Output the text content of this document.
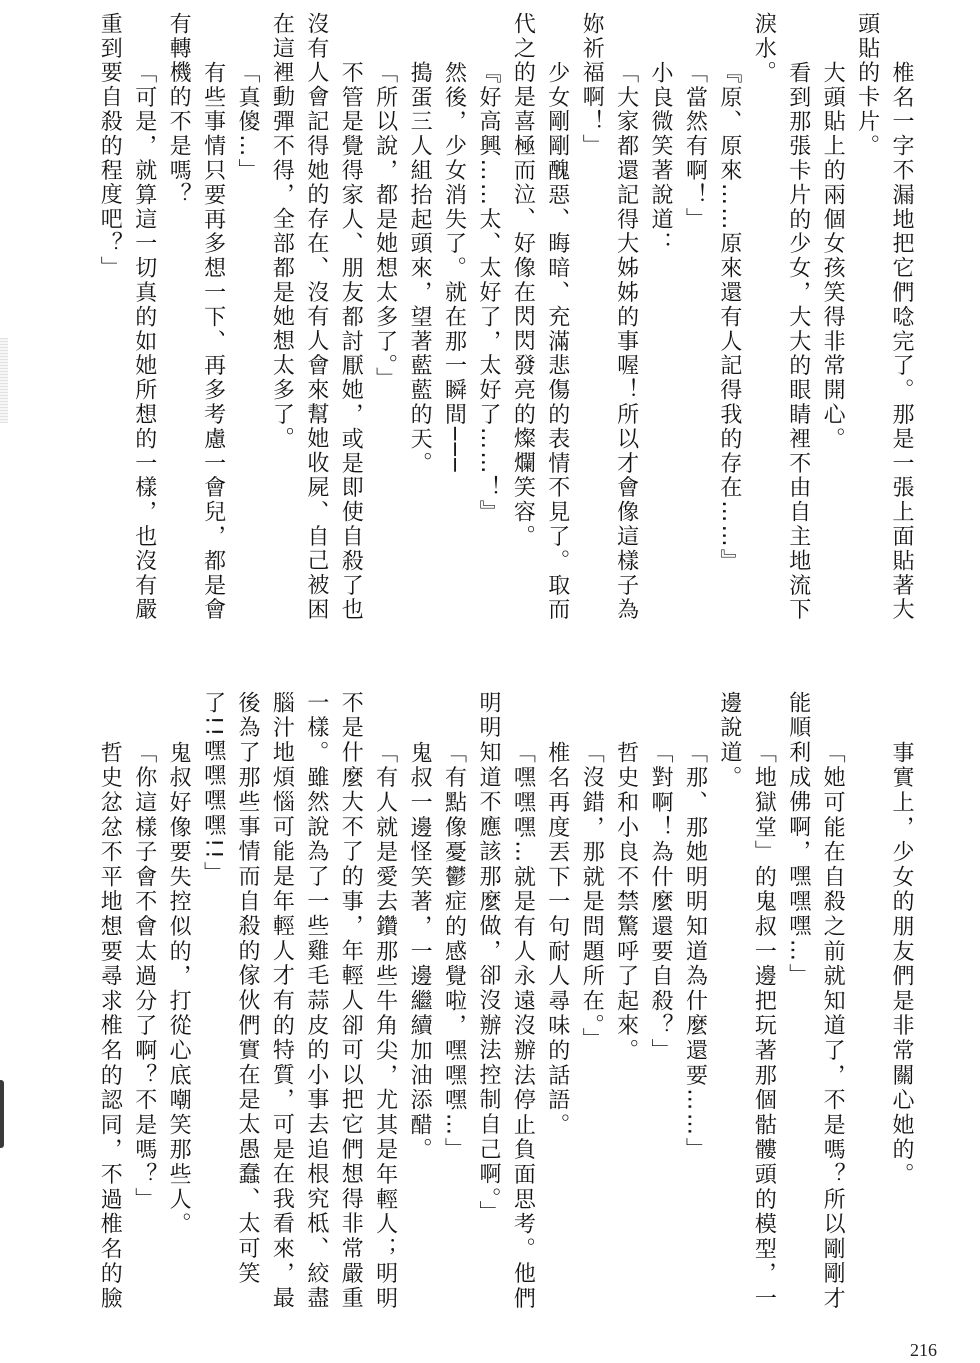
椎名一字不漏地把它們唸完了。那是一張上面貼著大
頭貼的卡片。
大頭貼上的兩個女孩笑得非常開心。
看到那張卡片的少女，大大的眼睛裡不由自主地流下
淚水。
『原、原來……原來還有人記得我的存在……』
「當然有啊！」
小良微笑著說道：
「大家都還記得大姊姊的事喔！所以才會像這樣子為
妳祈福啊！」
少女剛剛醜惡、晦暗、充滿悲傷的表情不見了。取而
代之的是喜極而泣、好像在閃閃發亮的燦爛笑容。
『好高興……太、太好了，太好了……！』
然後，少女消失了。就在那一瞬間───
搗蛋三人組抬起頭來，望著藍藍的天。
「所以說，都是她想太多了。」
不管是覺得家人、朋友都討厭她，或是即使自殺了也
沒有人會記得她的存在、沒有人會來幫她收屍、自己被困
在這裡動彈不得，全部都是她想太多了。
「真傻…」
有些事情只要再多想一下、再多考慮一會兒，都是會
有轉機的不是嗎？
「可是，就算這一切真的如她所想的一樣，也沒有嚴
重到要自殺的程度吧？」
事實上，少女的朋友們是非常關心她的。
「她可能在自殺之前就知道了，不是嗎？所以剛剛才
能順利成佛啊，嘿嘿嘿…」
「地獄堂」的鬼叔一邊把玩著那個骷髏頭的模型，一
邊說道。
「那、那她明明知道為什麼還要……」
「對啊！為什麼還要自殺？」
哲史和小良不禁驚呼了起來。
「沒錯，那就是問題所在。」
椎名再度丟下一句耐人尋味的話語。
「嘿嘿嘿…就是有人永遠沒辦法停止負面思考。他們
明明知道不應該那麼做，卻沒辦法控制自己啊。」
「有點像憂鬱症的感覺啦，嘿嘿嘿…」
鬼叔一邊怪笑著，一邊繼續加油添醋。
「有人就是愛去鑽那些牛角尖，尤其是年輕人；明明
不是什麼大不了的事，年輕人卻可以把它們想得非常嚴重
一樣。雖然說為了一些雞毛蒜皮的小事去追根究柢、絞盡
腦汁地煩惱可能是年輕人才有的特質，可是在我看來，最
後為了那些事情而自殺的傢伙們實在是太愚蠢、太可笑
了!!嘿嘿嘿嘿!!」
鬼叔好像要失控似的，打從心底嘲笑那些人。
「你這樣子會不會太過分了啊？不是嗎？」
哲史忿忿不平地想要尋求椎名的認同，不過椎名的臉
216
